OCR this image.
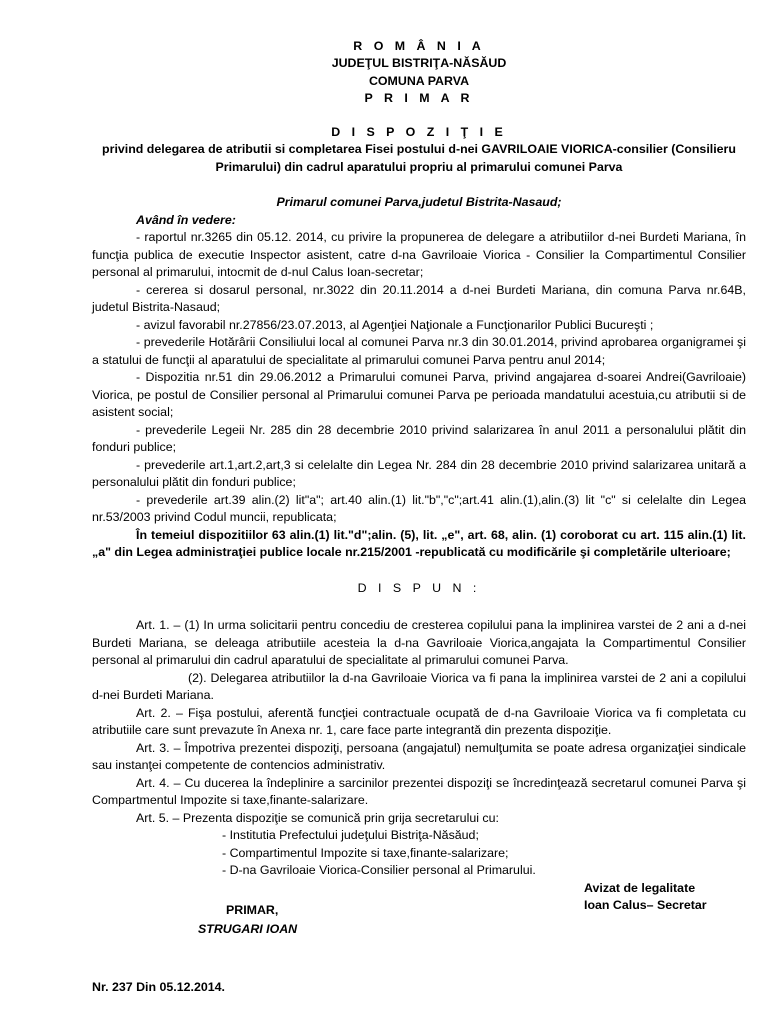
R O M Â N I A
JUDEŢUL BISTRIŢA-NĂSĂUD
COMUNA PARVA
P R I M A R
D I S P O Z I Ţ I E
privind delegarea de atributii si completarea Fisei postului d-nei GAVRILOAIE VIORICA-consilier (Consilieru
Primarului) din cadrul aparatului propriu al primarului comunei Parva
Primarul comunei Parva,judetul Bistrita-Nasaud;
Având în vedere:

- raportul nr.3265 din 05.12. 2014, cu privire la propunerea de delegare a atributiilor d-nei Burdeti Mariana, în funcţia publica de executie Inspector asistent, catre d-na Gavriloaie Viorica - Consilier la Compartimentul Consilier personal al primarului, intocmit de d-nul Calus Ioan-secretar;

- cererea si dosarul personal, nr.3022 din 20.11.2014 a d-nei Burdeti Mariana, din comuna Parva nr.64B, judetul Bistrita-Nasaud;

- avizul favorabil nr.27856/23.07.2013, al Agenţiei Naţionale a Funcţionarilor Publici Bucureşti ;

- prevederile Hotărârii Consiliului local al comunei Parva nr.3 din 30.01.2014, privind aprobarea organigramei şi a statului de funcţii al aparatului de specialitate al primarului comunei Parva pentru anul 2014;

- Dispozitia nr.51 din 29.06.2012 a Primarului comunei Parva, privind angajarea d-soarei Andrei(Gavriloaie) Viorica, pe postul de Consilier personal al Primarului comunei Parva pe perioada mandatului acestuia,cu atributii si de asistent social;

- prevederile Legeii Nr. 285 din 28 decembrie 2010 privind salarizarea în anul 2011 a personalului plătit din fonduri publice;

- prevederile art.1,art.2,art,3 si celelalte din Legea Nr. 284 din 28 decembrie 2010 privind salarizarea unitară a personalului plătit din fonduri publice;

- prevederile art.39 alin.(2) lit"a"; art.40 alin.(1) lit."b","c";art.41 alin.(1),alin.(3) lit "c" si celelalte din Legea nr.53/2003 privind Codul muncii, republicata;

În temeiul dispozitiilor 63 alin.(1) lit."d";alin. (5), lit. „e", art. 68, alin. (1) coroborat cu art. 115 alin.(1) lit. „a" din Legea administraţiei publice locale nr.215/2001 -republicată cu modificările şi completările ulterioare;

D I S P U N :

Art. 1. – (1) In urma solicitarii pentru concediu de cresterea copilului pana la implinirea varstei de 2 ani a d-nei Burdeti Mariana, se deleaga atributiile acesteia la d-na Gavriloaie Viorica,angajata la Compartimentul Consilier personal al primarului din cadrul aparatului de specialitate al primarului comunei Parva.

(2). Delegarea atributiilor la d-na Gavriloaie Viorica va fi pana la implinirea varstei de 2 ani a copilului d-nei Burdeti Mariana.

Art. 2. – Fişa postului, aferentă funcţiei contractuale ocupată de d-na Gavriloaie Viorica va fi completata cu atributiile care sunt prevazute în Anexa nr. 1, care face parte integrantă din prezenta dispoziţie.

Art. 3. – Împotriva prezentei dispoziţi, persoana (angajatul) nemulţumita se poate adresa organizaţiei sindicale sau instanţei competente de contencios administrativ.

Art. 4. – Cu ducerea la îndeplinire a sarcinilor prezentei dispoziţi se încredinţează secretarul comunei Parva şi Compartmentul Impozite si taxe,finante-salarizare.

Art. 5. – Prezenta dispoziţie se comunică prin grija secretarului cu:

- Institutia Prefectului judeţului Bistriţa-Năsăud;
- Compartimentul Impozite si taxe,finante-salarizare;
- D-na Gavriloaie Viorica-Consilier personal al Primarului.
Avizat de legalitate
Ioan Calus– Secretar
PRIMAR,
STRUGARI IOAN
Nr. 237 Din 05.12.2014.
